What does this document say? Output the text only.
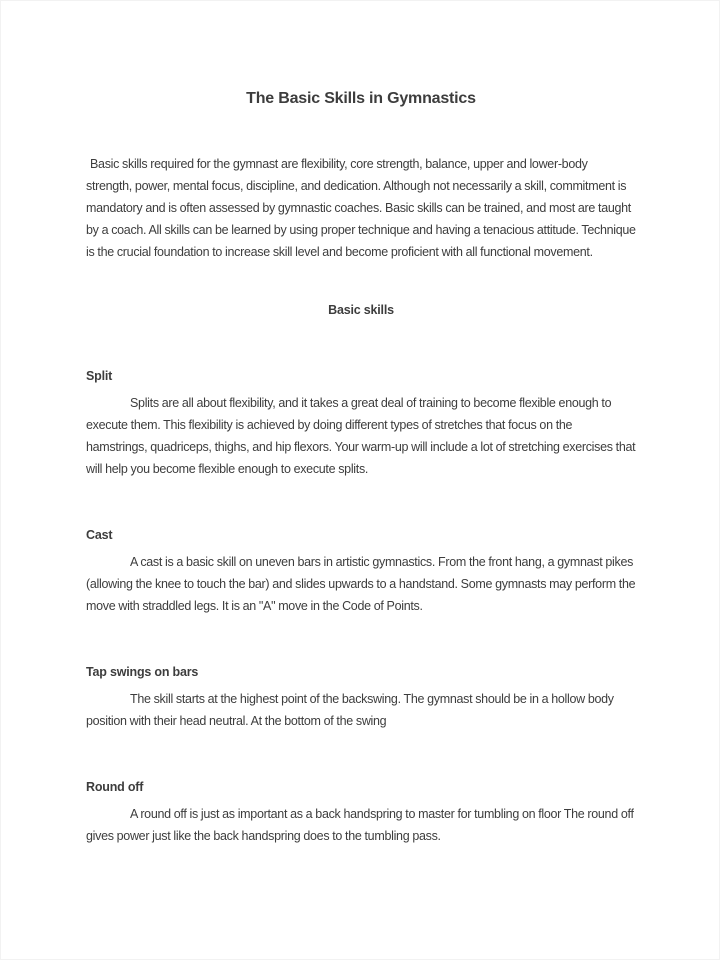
The Basic Skills in Gymnastics

Basic skills required for the gymnast are flexibility, core strength, balance, upper and lower-body strength, power, mental focus, discipline, and dedication. Although not necessarily a skill, commitment is mandatory and is often assessed by gymnastic coaches. Basic skills can be trained, and most are taught by a coach. All skills can be learned by using proper technique and having a tenacious attitude. Technique is the crucial foundation to increase skill level and become proficient with all functional movement.

Basic skills
Split

Splits are all about flexibility, and it takes a great deal of training to become flexible enough to execute them. This flexibility is achieved by doing different types of stretches that focus on the hamstrings, quadriceps, thighs, and hip flexors. Your warm-up will include a lot of stretching exercises that will help you become flexible enough to execute splits.

Cast

A cast is a basic skill on uneven bars in artistic gymnastics. From the front hang, a gymnast pikes (allowing the knee to touch the bar) and slides upwards to a handstand. Some gymnasts may perform the move with straddled legs. It is an "A" move in the Code of Points.

Tap swings on bars

The skill starts at the highest point of the backswing. The gymnast should be in a hollow body position with their head neutral. At the bottom of the swing

Round off

A round off is just as important as a back handspring to master for tumbling on floor The round off gives power just like the back handspring does to the tumbling pass.
